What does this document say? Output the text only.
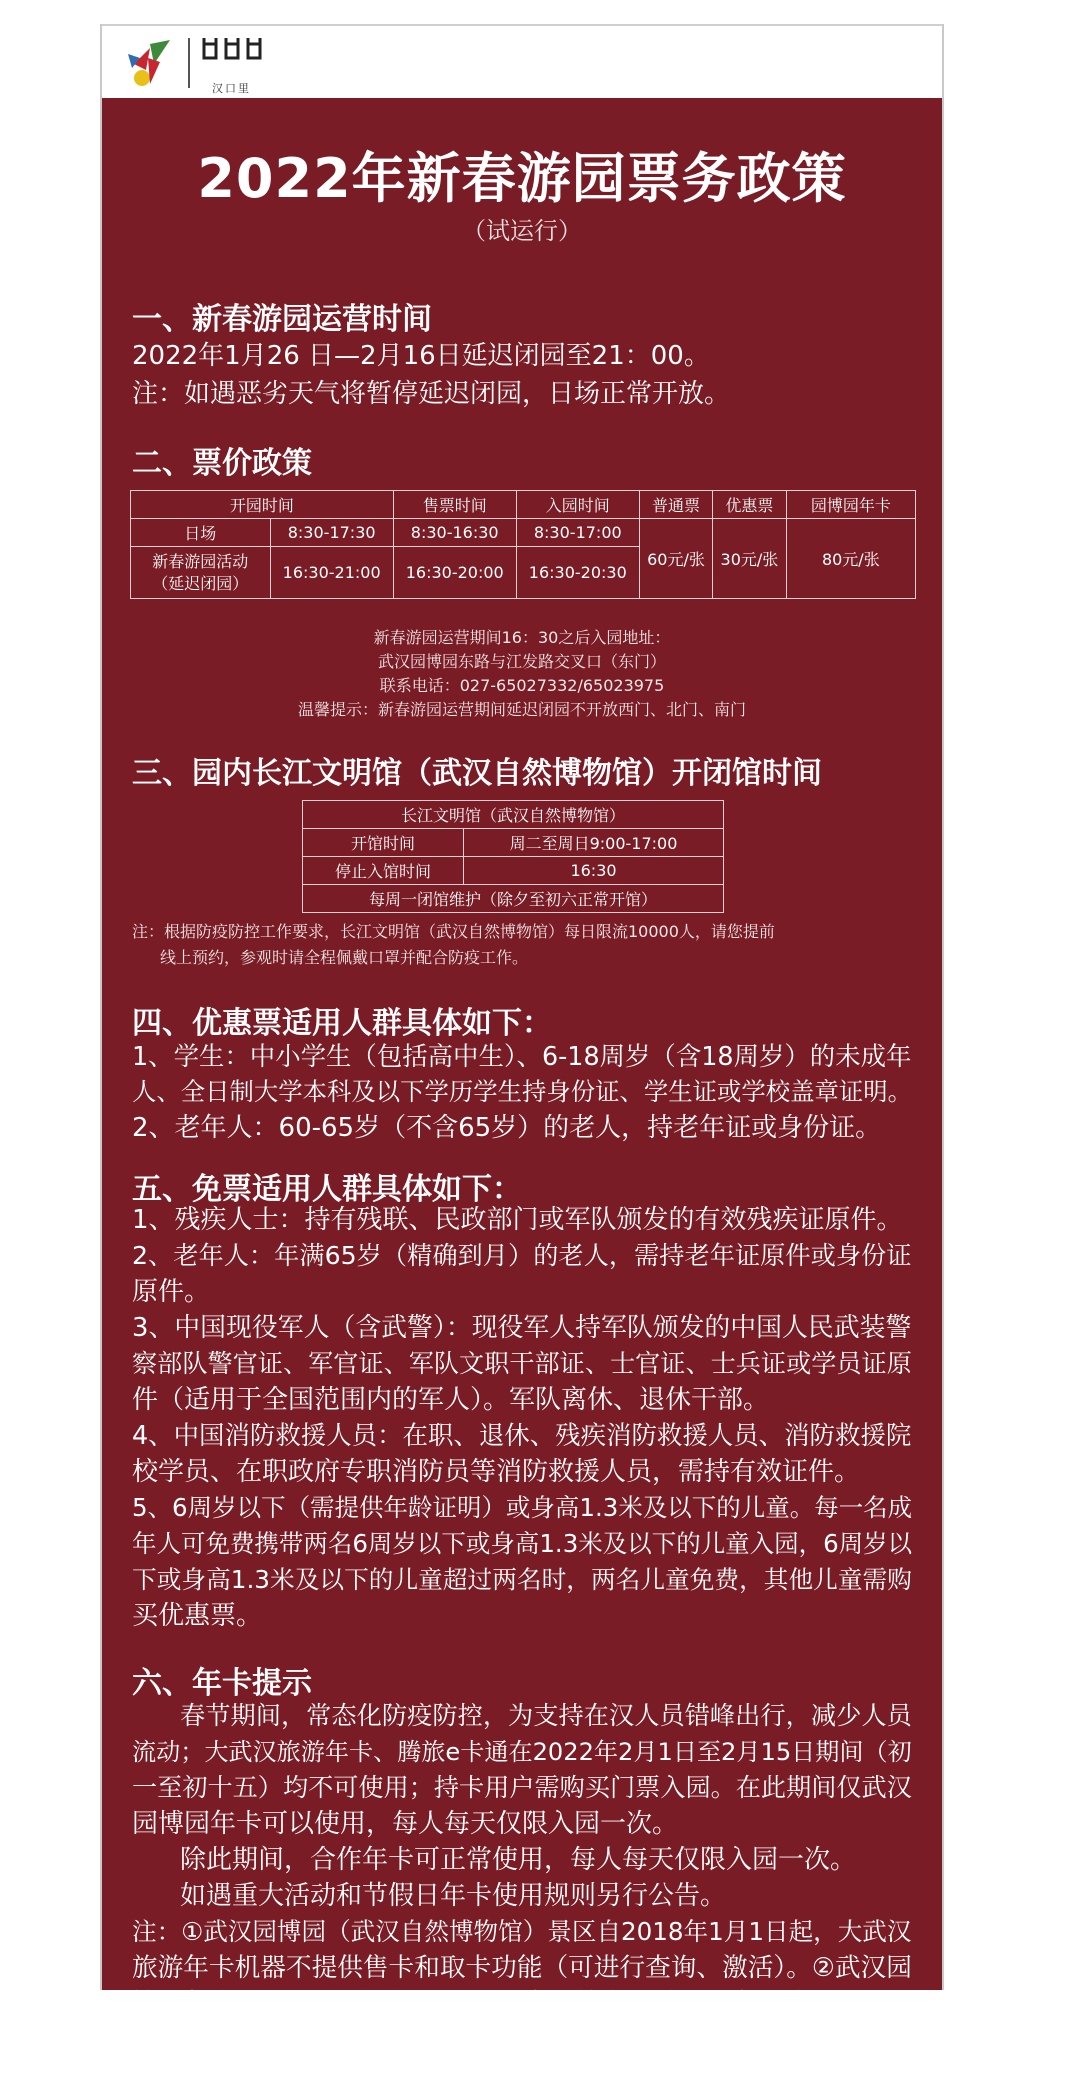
汉口里
2022年新春游园票务政策
（试运行）
一、新春游园运营时间
2022年1月26 日—2月16日延迟闭园至21：00。
注：如遇恶劣天气将暂停延迟闭园，日场正常开放。
二、票价政策
开园时间		售票时间	入园时间	普通票	优惠票	园博园年卡
日场	8:30-17:30	8:30-16:30	8:30-17:00	60元/张	30元/张	80元/张

新春游园活动
（延迟闭园）	16:30-21:00	16:30-20:00	16:30-20:30			
新春游园运营期间16：30之后入园地址：
武汉园博园东路与江发路交叉口（东门）
联系电话：027-65027332/65023975
温馨提示：新春游园运营期间延迟闭园不开放西门、北门、南门
三、园内长江文明馆（武汉自然博物馆）开闭馆时间
长江文明馆（武汉自然博物馆）	
开馆时间	周二至周日9:00-17:00
停止入馆时间	16:30
每周一闭馆维护（除夕至初六正常开馆）	
注：根据防疫防控工作要求，长江文明馆（武汉自然博物馆）每日限流10000人，请您提前
线上预约，参观时请全程佩戴口罩并配合防疫工作。
四、优惠票适用人群具体如下：
1、学生：中小学生（包括高中生）、6-18周岁（含18周岁）的未成年
人、全日制大学本科及以下学历学生持身份证、学生证或学校盖章证明。
2、老年人：60-65岁（不含65岁）的老人，持老年证或身份证。
五、免票适用人群具体如下：
1、残疾人士：持有残联、民政部门或军队颁发的有效残疾证原件。
2、老年人：年满65岁（精确到月）的老人，需持老年证原件或身份证
原件。
3、中国现役军人（含武警）：现役军人持军队颁发的中国人民武装警
察部队警官证、军官证、军队文职干部证、士官证、士兵证或学员证原
件（适用于全国范围内的军人）。军队离休、退休干部。
4、中国消防救援人员：在职、退休、残疾消防救援人员、消防救援院
校学员、在职政府专职消防员等消防救援人员，需持有效证件。
5、6周岁以下（需提供年龄证明）或身高1.3米及以下的儿童。每一名成
年人可免费携带两名6周岁以下或身高1.3米及以下的儿童入园，6周岁以
下或身高1.3米及以下的儿童超过两名时，两名儿童免费，其他儿童需购
买优惠票。
六、年卡提示
春节期间，常态化防疫防控，为支持在汉人员错峰出行，减少人员
流动；大武汉旅游年卡、腾旅e卡通在2022年2月1日至2月15日期间（初
一至初十五）均不可使用；持卡用户需购买门票入园。在此期间仅武汉
园博园年卡可以使用，每人每天仅限入园一次。
除此期间，合作年卡可正常使用，每人每天仅限入园一次。
如遇重大活动和节假日年卡使用规则另行公告。
注：①武汉园博园（武汉自然博物馆）景区自2018年1月1日起，大武汉
旅游年卡机器不提供售卡和取卡功能（可进行查询、激活）。②武汉园
博园年卡需凭“二代身份证原件”到售票处绑定激活，方可使用（刷“
二代身份证原件”入园）；无“二代身份证原件”则无法办理。
武汉园博园年卡价格为：80元/张。
